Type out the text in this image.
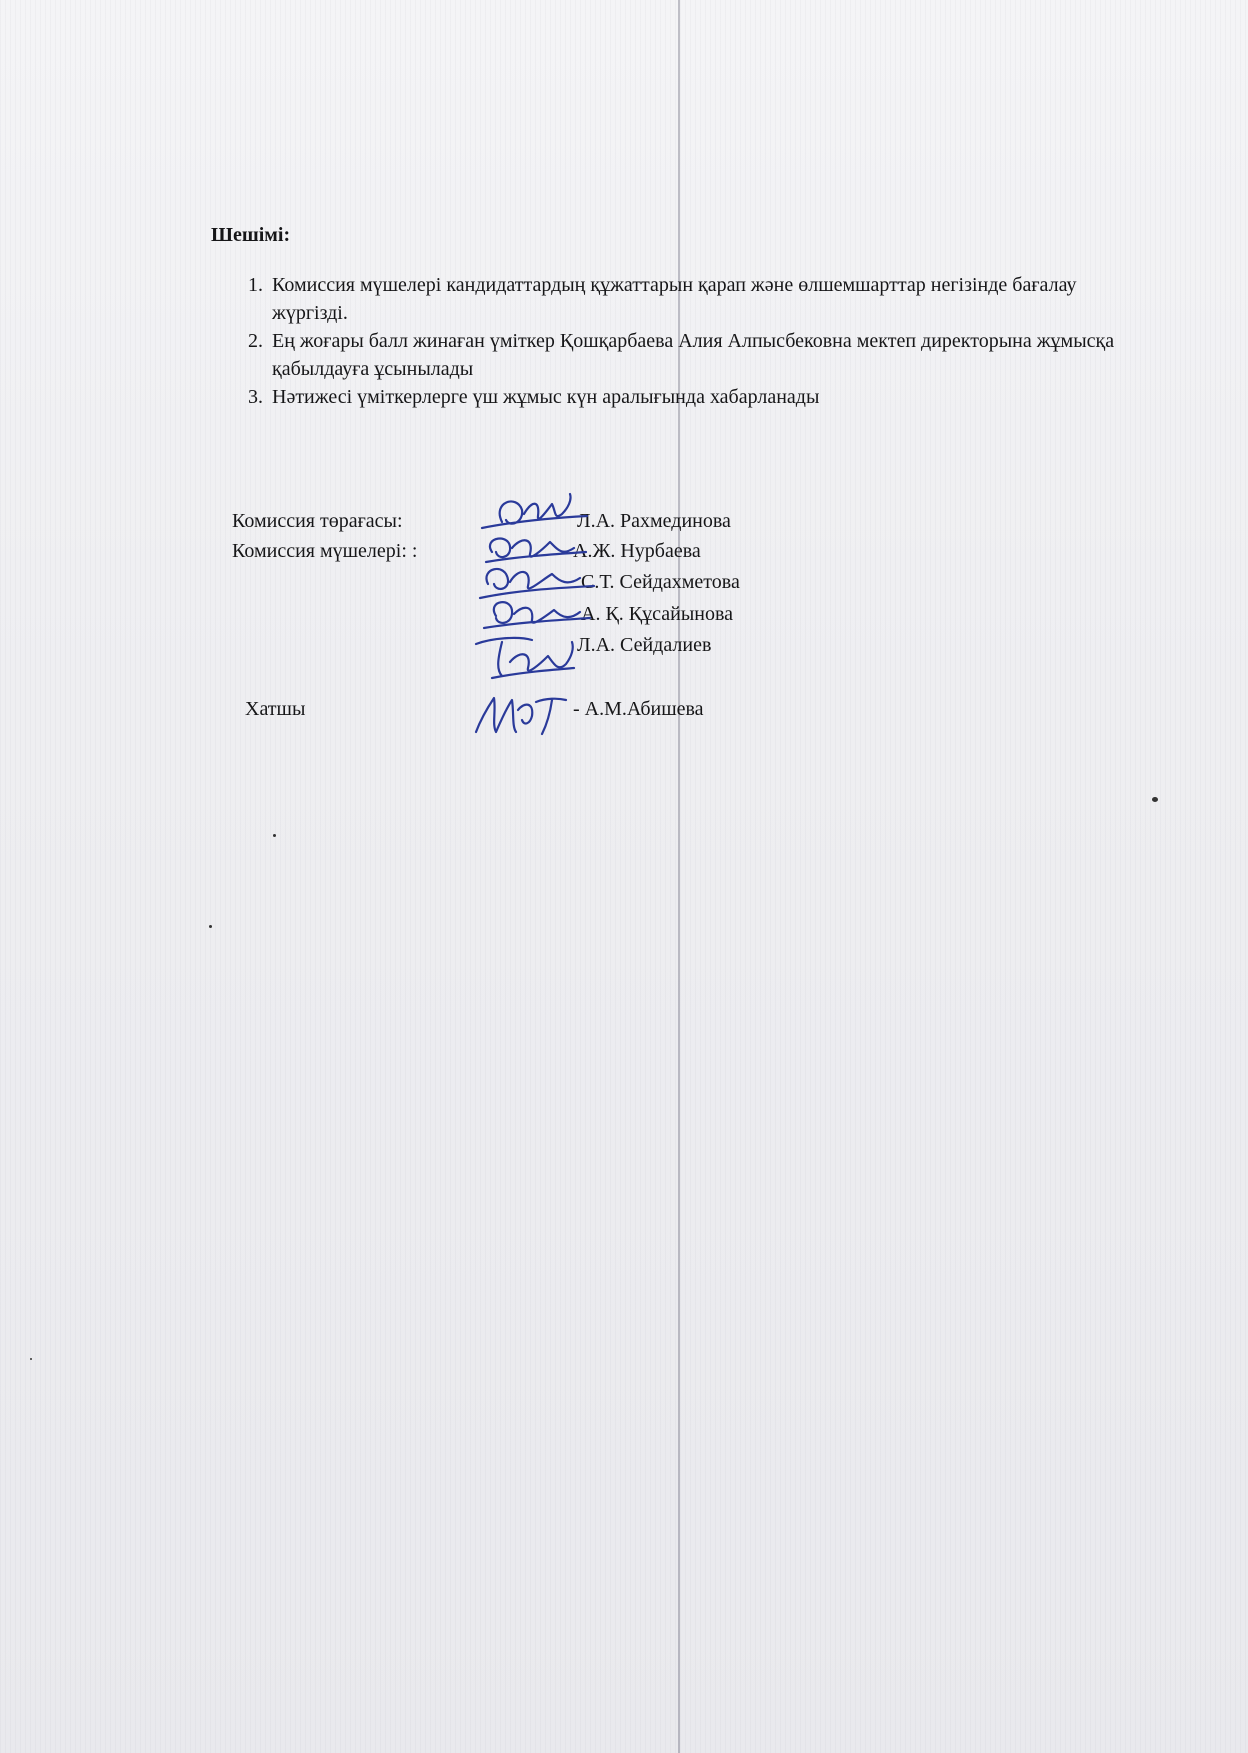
Шешімі:
1. Комиссия мүшелері кандидаттардың құжаттарын қарап және өлшемшарттар негізінде бағалау жүргізді.
2. Ең жоғары балл жинаған үміткер Қошқарбаева Алия Алпысбековна мектеп директорына жұмысқа қабылдауға ұсынылады
3. Нәтижесі үміткерлерге үш жұмыс күн аралығында хабарланады
Комиссия төрағасы:
Комиссия мүшелері: :
Хатшы
Л.А. Рахмединова
А.Ж. Нурбаева
С.Т. Сейдахметова
А. Қ. Құсайынова
Л.А. Сейдалиев
- А.М.Абишева
